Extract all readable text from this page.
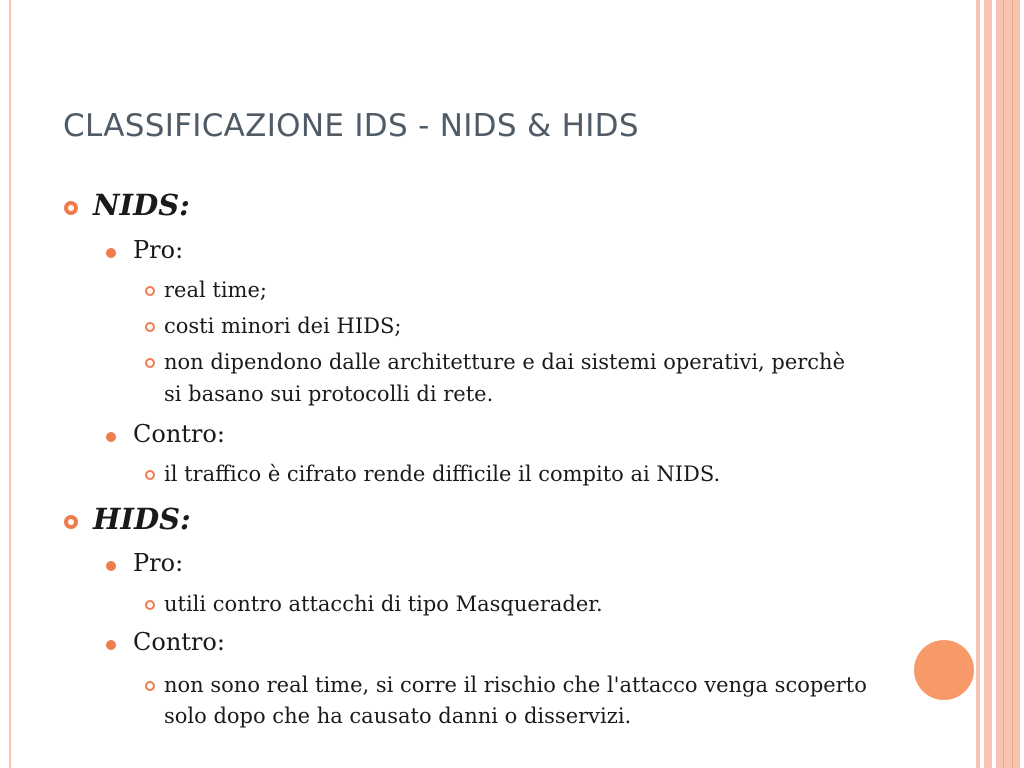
CLASSIFICAZIONE IDS - NIDS & HIDS
NIDS:
Pro:
real time;
costi minori dei HIDS;
non dipendono dalle architetture e dai sistemi operativi, perchè
si basano sui protocolli di rete.
Contro:
il traffico è cifrato rende difficile il compito ai NIDS.
HIDS:
Pro:
utili contro attacchi di tipo Masquerader.
Contro:
non sono real time, si corre il rischio che l'attacco venga scoperto
solo dopo che ha causato danni o disservizi.
